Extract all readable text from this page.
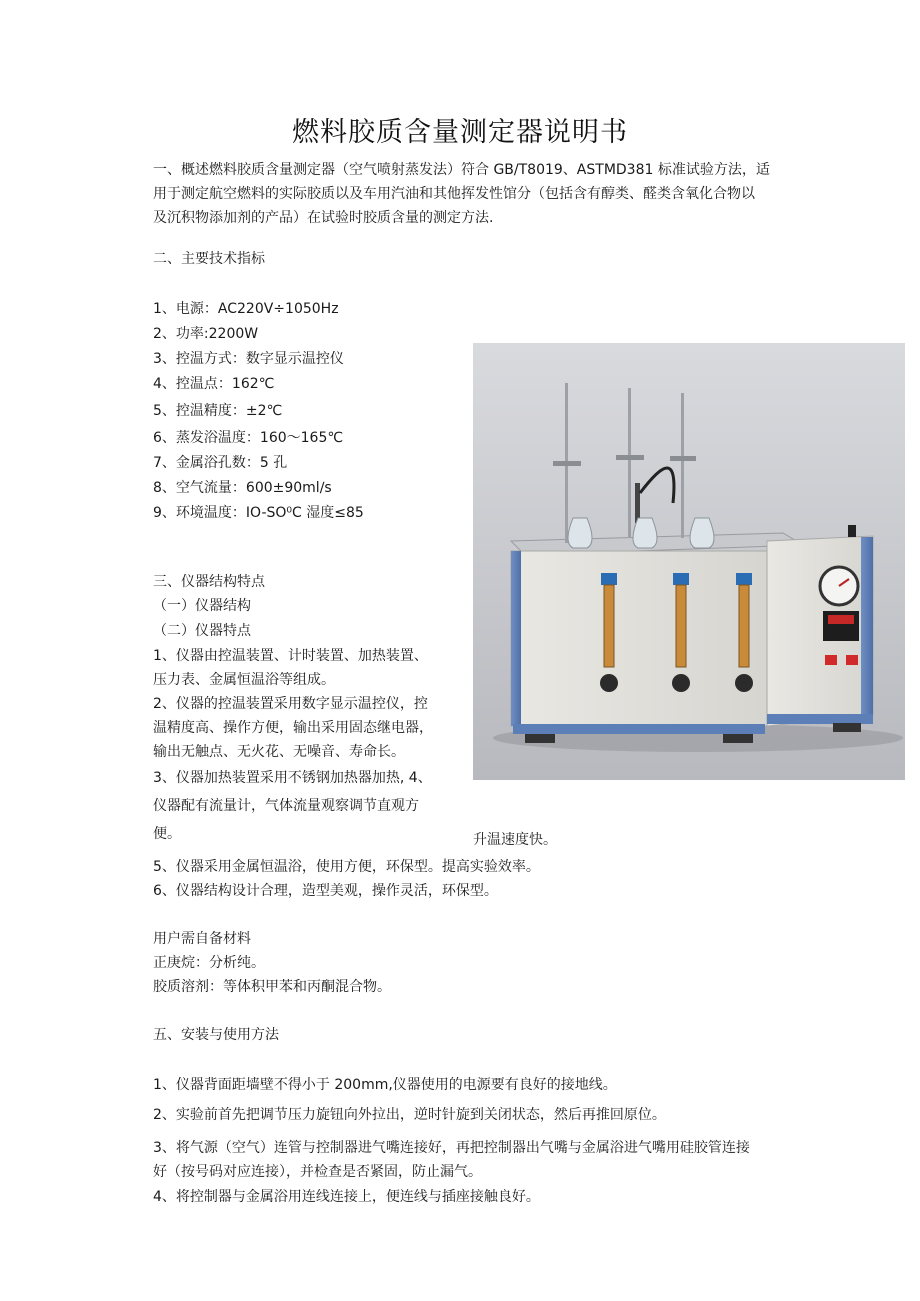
燃料胶质含量测定器说明书
一、概述燃料胶质含量测定器（空气喷射蒸发法）符合 GB/T8019、ASTMD381 标准试验方法，适
用于测定航空燃料的实际胶质以及车用汽油和其他挥发性馆分（包括含有醇类、醛类含氧化合物以
及沉积物添加剂的产品）在试验时胶质含量的测定方法.
二、主要技术指标
1、电源：AC220V÷1050Hz
2、功率:2200W
3、控温方式：数字显示温控仪
4、控温点：162℃
5、控温精度：±2℃
6、蒸发浴温度：160～165℃
7、金属浴孔数：5 孔
8、空气流量：600±90ml∕s
9、环境温度：IO-SO⁰C 湿度≤85
三、仪器结构特点
（一）仪器结构
（二）仪器特点
1、仪器由控温装置、计时装置、加热装置、
压力表、金属恒温浴等组成。
2、仪器的控温装置采用数字显示温控仪，控
温精度高、操作方便，输出采用固态继电器，
输出无触点、无火花、无噪音、寿命长。
3、仪器加热装置采用不锈钢加热器加热, 4、
仪器配有流量计，气体流量观察调节直观方
便。	升温速度快。
5、仪器采用金属恒温浴，使用方便，环保型。提高实验效率。
6、仪器结构设计合理，造型美观，操作灵活，环保型。
用户需自备材料
正庚烷：分析纯。
胶质溶剂：等体积甲苯和丙酮混合物。
五、安装与使用方法
1、仪器背面距墙壁不得小于 200mm,仪器使用的电源要有良好的接地线。
2、实验前首先把调节压力旋钮向外拉出，逆时针旋到关闭状态，然后再推回原位。
3、将气源（空气）连管与控制器进气嘴连接好，再把控制器出气嘴与金属浴进气嘴用硅胶管连接
好（按号码对应连接），并检查是否紧固，防止漏气。
4、将控制器与金属浴用连线连接上，便连线与插座接触良好。
